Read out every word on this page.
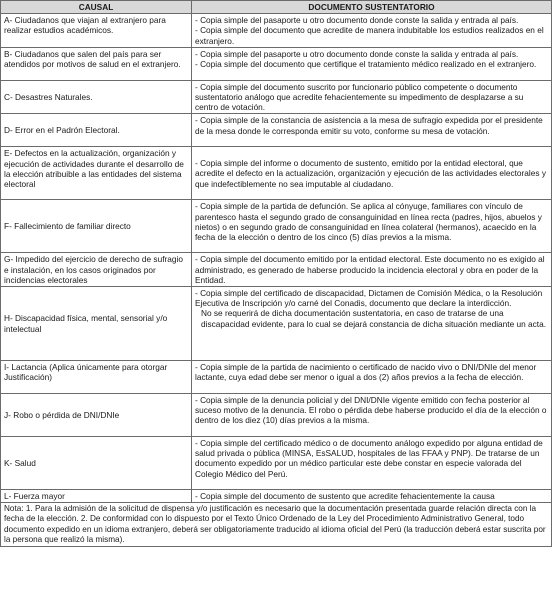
CAUSAL	DOCUMENTO SUSTENTATORIO
A- Ciudadanos que viajan al extranjero para realizar estudios académicos.	- Copia simple del pasaporte u otro documento donde conste la salida y entrada al país.
- Copia simple del documento que acredite de manera indubitable los estudios realizados en el extranjero.

B- Ciudadanos que salen del país para ser atendidos por motivos de salud en el extranjero.	- Copia simple del pasaporte u otro documento donde conste la salida y entrada al país.
- Copia simple del documento que certifique el tratamiento médico realizado en el extranjero.

C- Desastres Naturales.	- Copia simple del documento suscrito por funcionario público competente o documento sustentatorio análogo que acredite fehacientemente su impedimento de desplazarse a su centro de votación.

D- Error en el Padrón Electoral.	- Copia simple de la constancia de asistencia a la mesa de sufragio expedida por el presidente de la mesa donde le corresponda emitir su voto, conforme su mesa de votación.

E- Defectos en la actualización, organización y ejecución de actividades durante el desarrollo de la elección atribuible a las entidades del sistema electoral	- Copia simple del informe o documento de sustento, emitido por la entidad electoral, que acredite el defecto en la actualización, organización y ejecución de las actividades electorales y que indefectiblemente no sea imputable al ciudadano.

F- Fallecimiento de familiar directo	- Copia simple de la partida de defunción. Se aplica al cónyuge, familiares con vínculo de parentesco hasta el segundo grado de consanguinidad en línea recta (padres, hijos, abuelos y nietos) o en segundo grado de consanguinidad en línea colateral (hermanos), acaecido en la fecha de la elección o dentro de los cinco (5) días previos a la misma.

G- Impedido del ejercicio de derecho de sufragio e instalación, en los casos originados por incidencias electorales	- Copia simple del documento emitido por la entidad electoral. Este documento no es exigido al administrado, es generado de haberse producido la incidencia electoral y obra en poder de la Entidad.

H- Discapacidad física, mental, sensorial y/o intelectual	- Copia simple del certificado de discapacidad, Dictamen de Comisión Médica, o la Resolución Ejecutiva de Inscripción y/o carné del Conadis, documento que declare la interdicción.
No se requerirá de dicha documentación sustentatoria, en caso de tratarse de una discapacidad evidente, para lo cual se dejará constancia de dicha situación mediante un acta.

I- Lactancia (Aplica únicamente para otorgar Justificación)	- Copia simple de la partida de nacimiento o certificado de nacido vivo o DNI/DNIe del menor lactante, cuya edad debe ser menor o igual a dos (2) años previos a la fecha de elección.

J- Robo o pérdida de DNI/DNIe	- Copia simple de la denuncia policial y del DNI/DNIe vigente emitido con fecha posterior al suceso motivo de la denuncia. El robo o pérdida debe haberse producido el día de la elección o dentro de los diez (10) días previos a la misma.

K- Salud	- Copia simple del certificado médico o de documento análogo expedido por alguna entidad de salud privada o pública (MINSA, EsSALUD, hospitales de las FFAA y PNP). De tratarse de un documento expedido por un médico particular este debe constar en especie valorada del Colegio Médico del Perú.

L- Fuerza mayor	- Copia simple del documento de sustento que acredite fehacientemente la causa

Nota: 1. Para la admisión de la solicitud de dispensa y/o justificación es necesario que la documentación presentada guarde relación directa con la fecha de la elección. 2. De conformidad con lo dispuesto por el Texto Único Ordenado de la Ley del Procedimiento Administrativo General, todo documento expedido en un idioma extranjero, deberá ser obligatoriamente traducido al idioma oficial del Perú (la traducción deberá estar suscrita por la persona que realizó la misma).	
